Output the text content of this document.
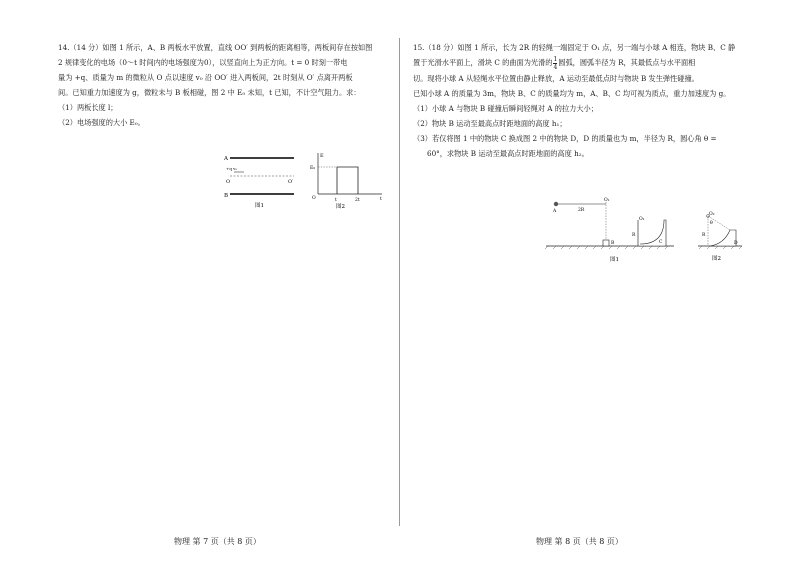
14.（14 分）如图 1 所示，A、B 两板水平放置，直线 OO′ 到两板的距离相等，两板间存在按如图

2 规律变化的电场（0～t 时间内的电场强度为0），以竖直向上为正方向。t = 0 时刻一带电

量为 +q、质量为 m 的微粒从 O 点以速度 v₀ 沿 OO′ 进入两板间，2t 时刻从 O′ 点离开两板

间。已知重力加速度为 g，微粒未与 B 板相碰，图 2 中 E₀ 未知，t 已知，不计空气阻力。求：

（1）两板长度 l；

（2）电场强度的大小 E₀。

A
B
O	O′
+q v₀
图1
E
E₀
O	t	2t	t
图2
物理 第 7 页（共 8 页）

15.（18 分）如图 1 所示，长为 2R 的轻绳一端固定于 O₁ 点，另一端与小球 A 相连，物块 B、C 静

置于光滑水平面上，滑块 C 的曲面为光滑的 $\frac{1}{4}$ 圆弧，圆弧半径为 R，其最低点与水平面相

切。现将小球 A 从轻绳水平位置由静止释放，A 运动至最低点时与物块 B 发生弹性碰撞。

已知小球 A 的质量为 3m，物块 B、C 的质量均为 m，A、B、C 均可视为质点，重力加速度为 g。

（1）小球 A 与物块 B 碰撞后瞬间轻绳对 A 的拉力大小；

（2）物块 B 运动至最高点时距地面的高度 h₁；

（3）若仅将图 1 中的物块 C 换成图 2 中的物块 D，D 的质量也为 m，半径为 R，圆心角 θ =

60°，求物块 B 运动至最高点时距地面的高度 h₂。

A	2R
O₁
O₁
R
B	C
图1
O₂
θ
R
D
图2
物理 第 8 页（共 8 页）
